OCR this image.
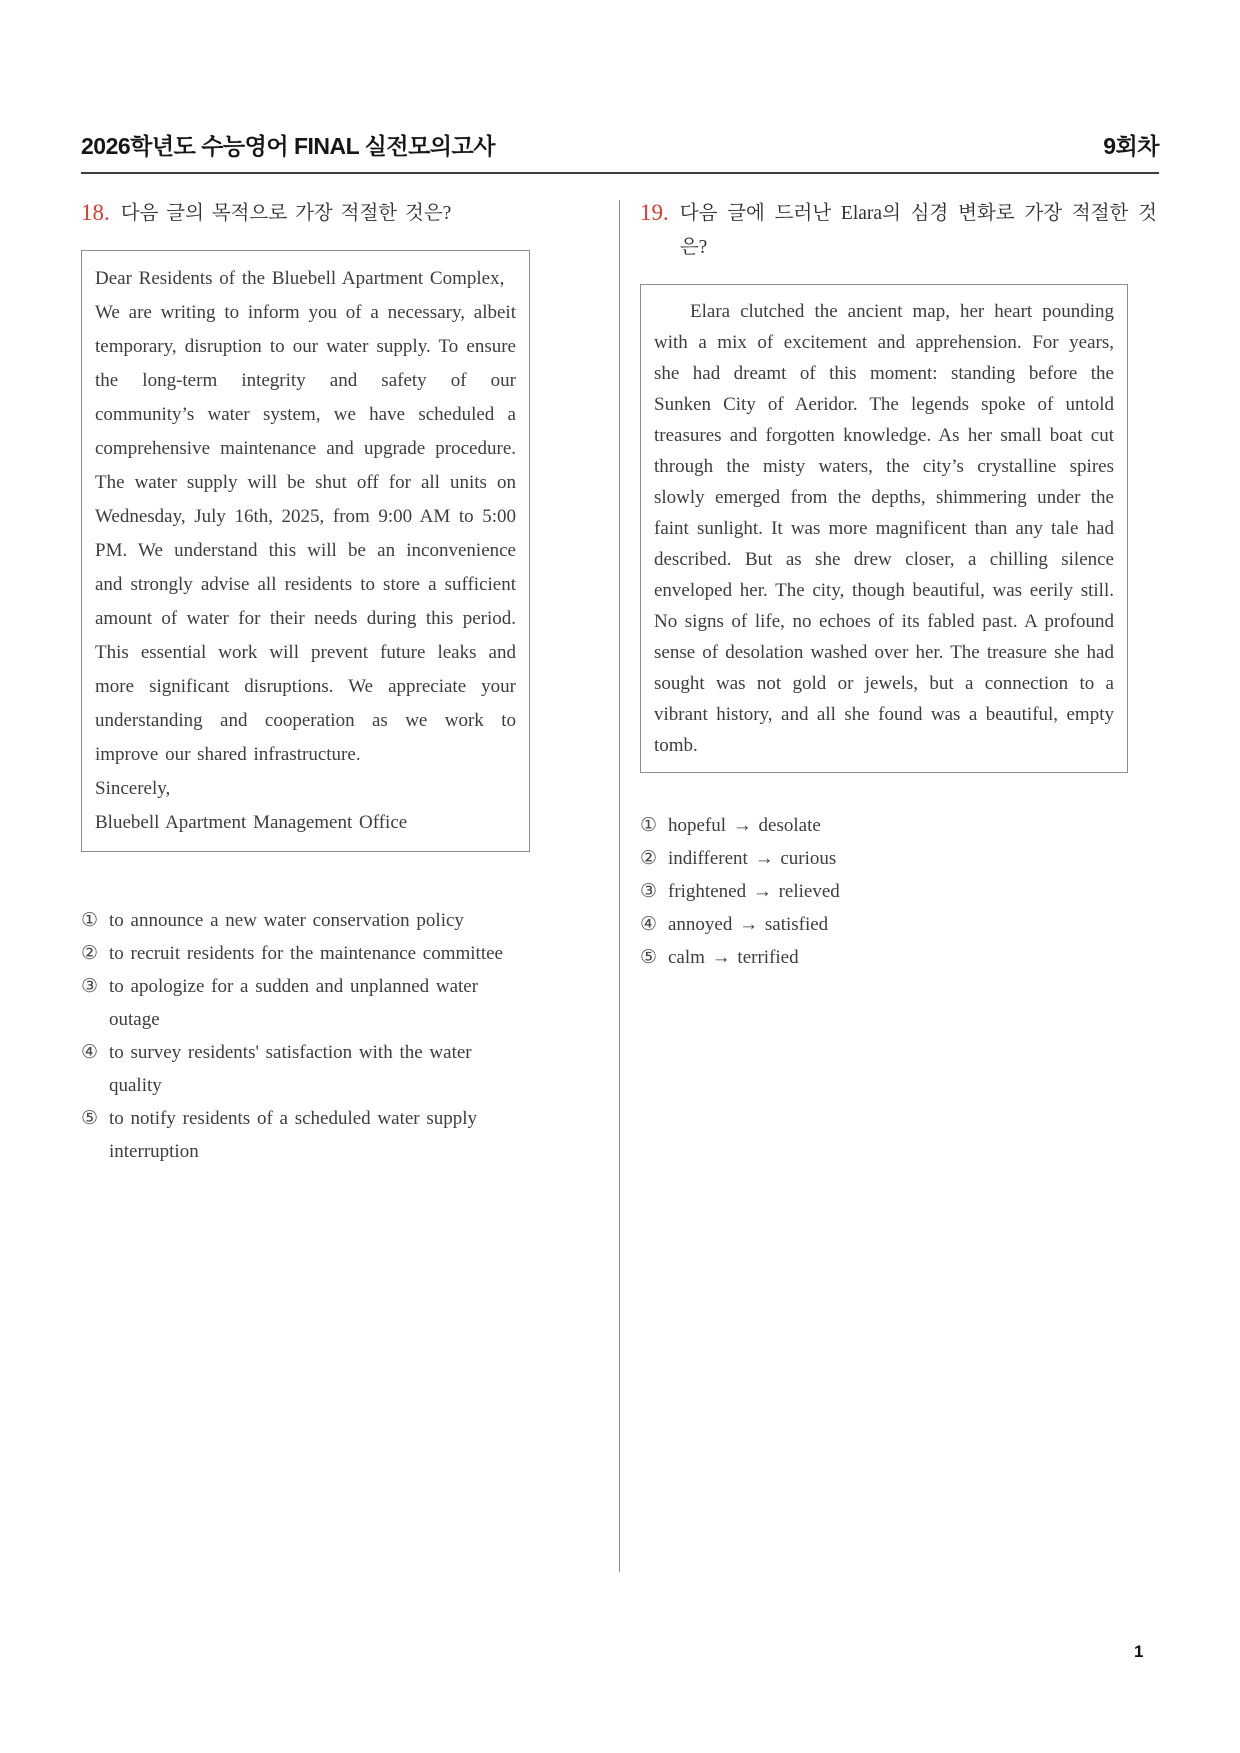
2026학년도 수능영어 FINAL 실전모의고사	9회차
18. 다음 글의 목적으로 가장 적절한 것은?

Dear Residents of the Bluebell Apartment Complex,

We are writing to inform you of a necessary, albeit temporary, disruption to our water supply. To ensure the long-term integrity and safety of our community’s water system, we have scheduled a comprehensive maintenance and upgrade procedure. The water supply will be shut off for all units on Wednesday, July 16th, 2025, from 9:00 AM to 5:00 PM. We understand this will be an inconvenience and strongly advise all residents to store a sufficient amount of water for their needs during this period. This essential work will prevent future leaks and more significant disruptions. We appreciate your understanding and cooperation as we work to improve our shared infrastructure.

Sincerely,

Bluebell Apartment Management Office

① to announce a new water conservation policy
② to recruit residents for the maintenance committee
③ to apologize for a sudden and unplanned water outage
④ to survey residents' satisfaction with the water quality
⑤ to notify residents of a scheduled water supply interruption
19. 다음 글에 드러난 Elara의 심경 변화로 가장 적절한 것은?

Elara clutched the ancient map, her heart pounding with a mix of excitement and apprehension. For years, she had dreamt of this moment: standing before the Sunken City of Aeridor. The legends spoke of untold treasures and forgotten knowledge. As her small boat cut through the misty waters, the city’s crystalline spires slowly emerged from the depths, shimmering under the faint sunlight. It was more magnificent than any tale had described. But as she drew closer, a chilling silence enveloped her. The city, though beautiful, was eerily still. No signs of life, no echoes of its fabled past. A profound sense of desolation washed over her. The treasure she had sought was not gold or jewels, but a connection to a vibrant history, and all she found was a beautiful, empty tomb.

① hopeful → desolate
② indifferent → curious
③ frightened → relieved
④ annoyed → satisfied
⑤ calm → terrified
1
